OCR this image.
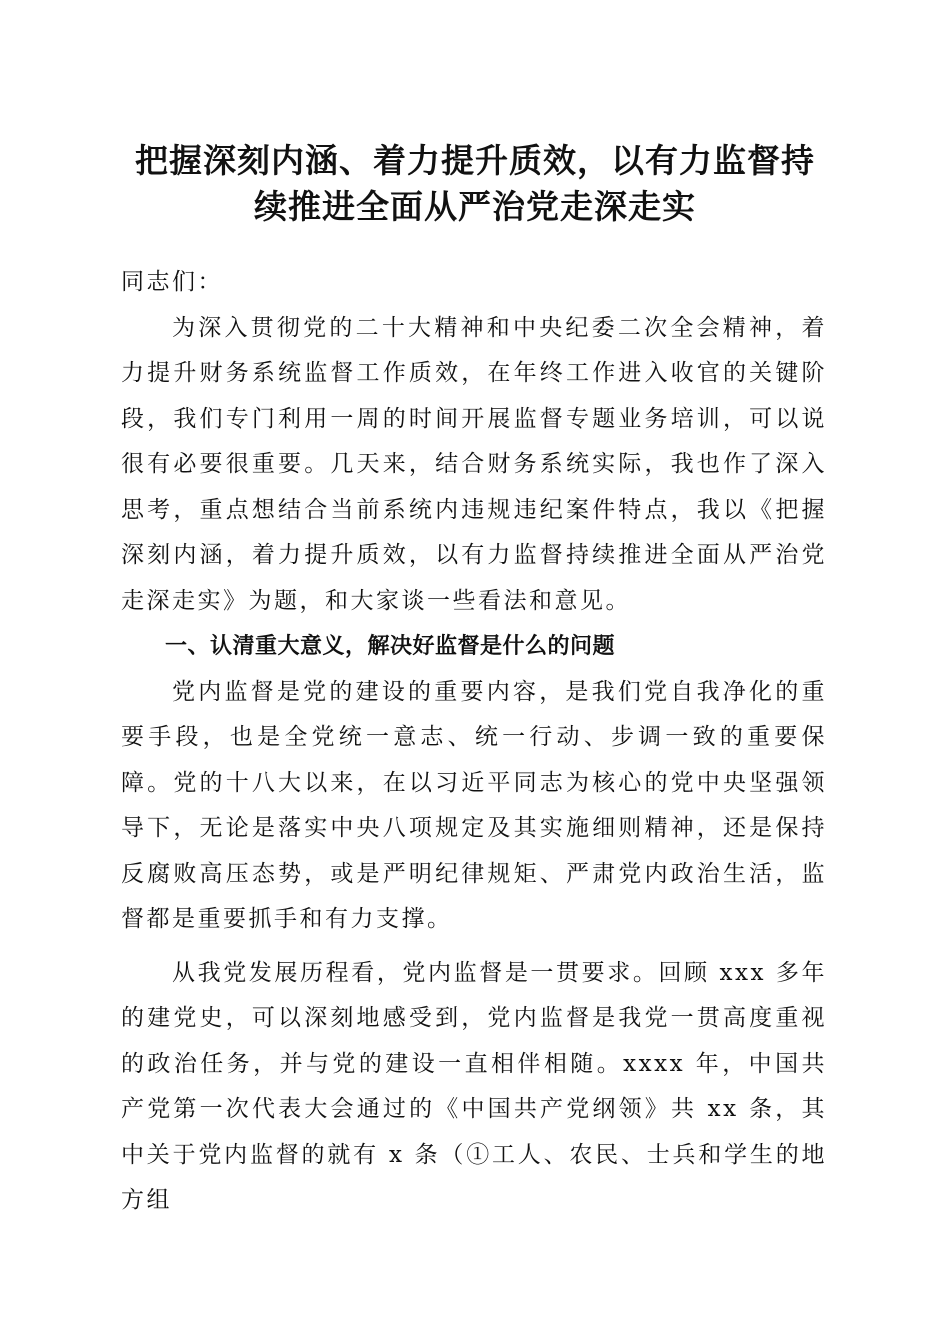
把握深刻内涵、着力提升质效，以有力监督持
续推进全面从严治党走深走实

同志们：

为深入贯彻党的二十大精神和中央纪委二次全会精神，着力提升财务系统监督工作质效，在年终工作进入收官的关键阶段，我们专门利用一周的时间开展监督专题业务培训，可以说很有必要很重要。几天来，结合财务系统实际，我也作了深入思考，重点想结合当前系统内违规违纪案件特点，我以《把握深刻内涵，着力提升质效，以有力监督持续推进全面从严治党走深走实》为题，和大家谈一些看法和意见。

一、认清重大意义，解决好监督是什么的问题

党内监督是党的建设的重要内容，是我们党自我净化的重要手段，也是全党统一意志、统一行动、步调一致的重要保障。党的十八大以来，在以习近平同志为核心的党中央坚强领导下，无论是落实中央八项规定及其实施细则精神，还是保持反腐败高压态势，或是严明纪律规矩、严肃党内政治生活，监督都是重要抓手和有力支撑。

从我党发展历程看，党内监督是一贯要求。回顾 xxx 多年的建党史，可以深刻地感受到，党内监督是我党一贯高度重视的政治任务，并与党的建设一直相伴相随。xxxx 年，中国共产党第一次代表大会通过的《中国共产党纲领》共 xx 条，其中关于党内监督的就有 x 条（①工人、农民、士兵和学生的地方组
